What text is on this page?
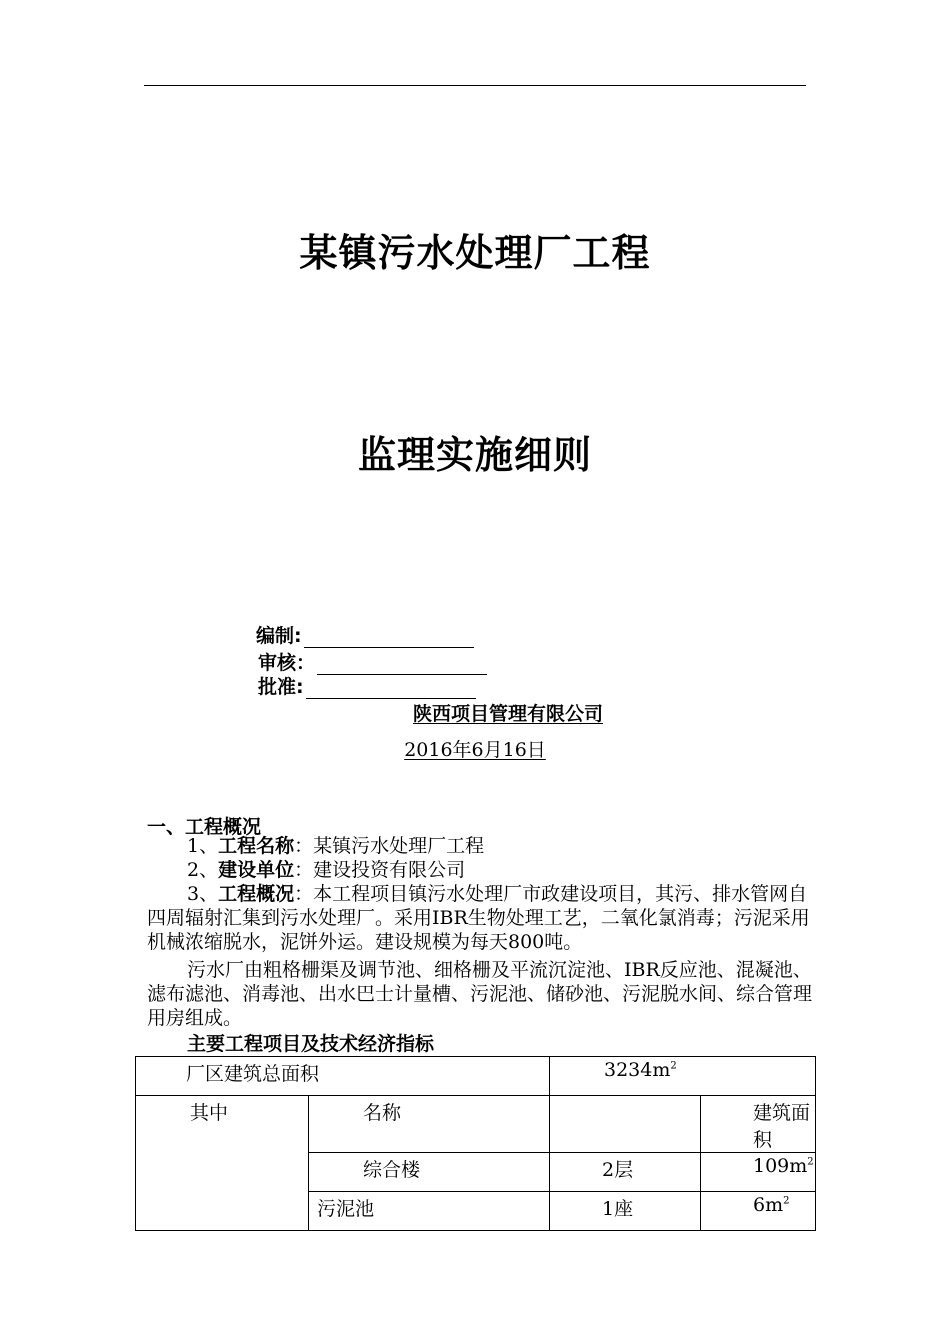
某镇污水处理厂工程
监理实施细则
编制:
审核：
批准:
陕西项目管理有限公司
2016年6月16日
一、工程概况
1、工程名称：某镇污水处理厂工程
2、建设单位：建设投资有限公司
3、工程概况：本工程项目镇污水处理厂市政建设项目，其污、排水管网自四周辐射汇集到污水处理厂。采用IBR生物处理工艺，二氧化氯消毒；污泥采用机械浓缩脱水，泥饼外运。建设规模为每天800吨。
污水厂由粗格栅渠及调节池、细格栅及平流沉淀池、IBR反应池、混凝池、滤布滤池、消毒池、出水巴士计量槽、污泥池、储砂池、污泥脱水间、综合管理用房组成。
主要工程项目及技术经济指标
厂区建筑总面积		$3234m^2$
其中	名称		建筑面积
	综合楼	2层	$109m^2$
	污泥池	1座	$6m^2$
